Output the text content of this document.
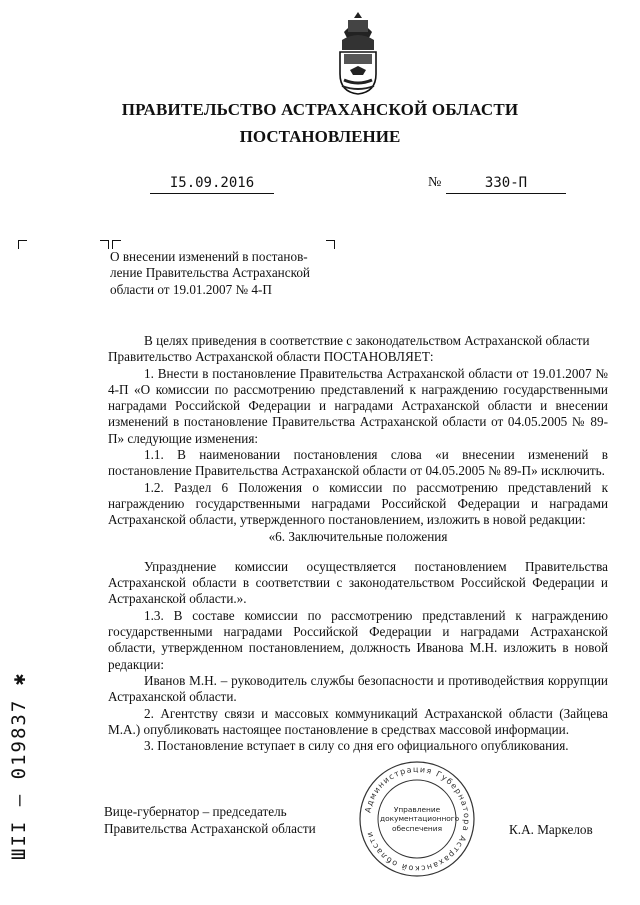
ПРАВИТЕЛЬСТВО АСТРАХАНСКОЙ ОБЛАСТИ
ПОСТАНОВЛЕНИЕ
I5.09.2016	№	330-П
О внесении изменений в постанов-
ление Правительства Астраханской
области от 19.01.2007 № 4-П

В целях приведения в соответствие с законодательством Астраханской области

Правительство Астраханской области ПОСТАНОВЛЯЕТ:

1. Внести в постановление Правительства Астраханской области от 19.01.2007 № 4-П «О комиссии по рассмотрению представлений к награждению государственными наградами Российской Федерации и наградами Астраханской области и внесении изменений в постановление Правительства Астраханской области от 04.05.2005 № 89-П» следующие изменения:

1.1. В наименовании постановления слова «и внесении изменений в постановление Правительства Астраханской области от 04.05.2005 № 89-П» исключить.

1.2. Раздел 6 Положения о комиссии по рассмотрению представлений к награждению государственными наградами Российской Федерации и наградами Астраханской области, утвержденного постановлением, изложить в новой редакции:

«6. Заключительные положения

Упразднение комиссии осуществляется постановлением Правительства Астраханской области в соответствии с законодательством Российской Федерации и Астраханской области.».

1.3. В составе комиссии по рассмотрению представлений к награждению государственными наградами Российской Федерации и наградами Астраханской области, утвержденном постановлением, должность Иванова М.Н. изложить в новой редакции:

Иванов М.Н. – руководитель службы безопасности и противодействия коррупции Астраханской области.

2. Агентству связи и массовых коммуникаций Астраханской области (Зайцева М.А.) опубликовать настоящее постановление в средствах массовой информации.

3. Постановление вступает в силу со дня его официального опубликования.

Вице-губернатор – председатель
Правительства Астраханской области	К.А. Маркелов
Администрация Губернатора Астраханской области
Управление
документационного
обеспечения
ШII – 019837 ✱
